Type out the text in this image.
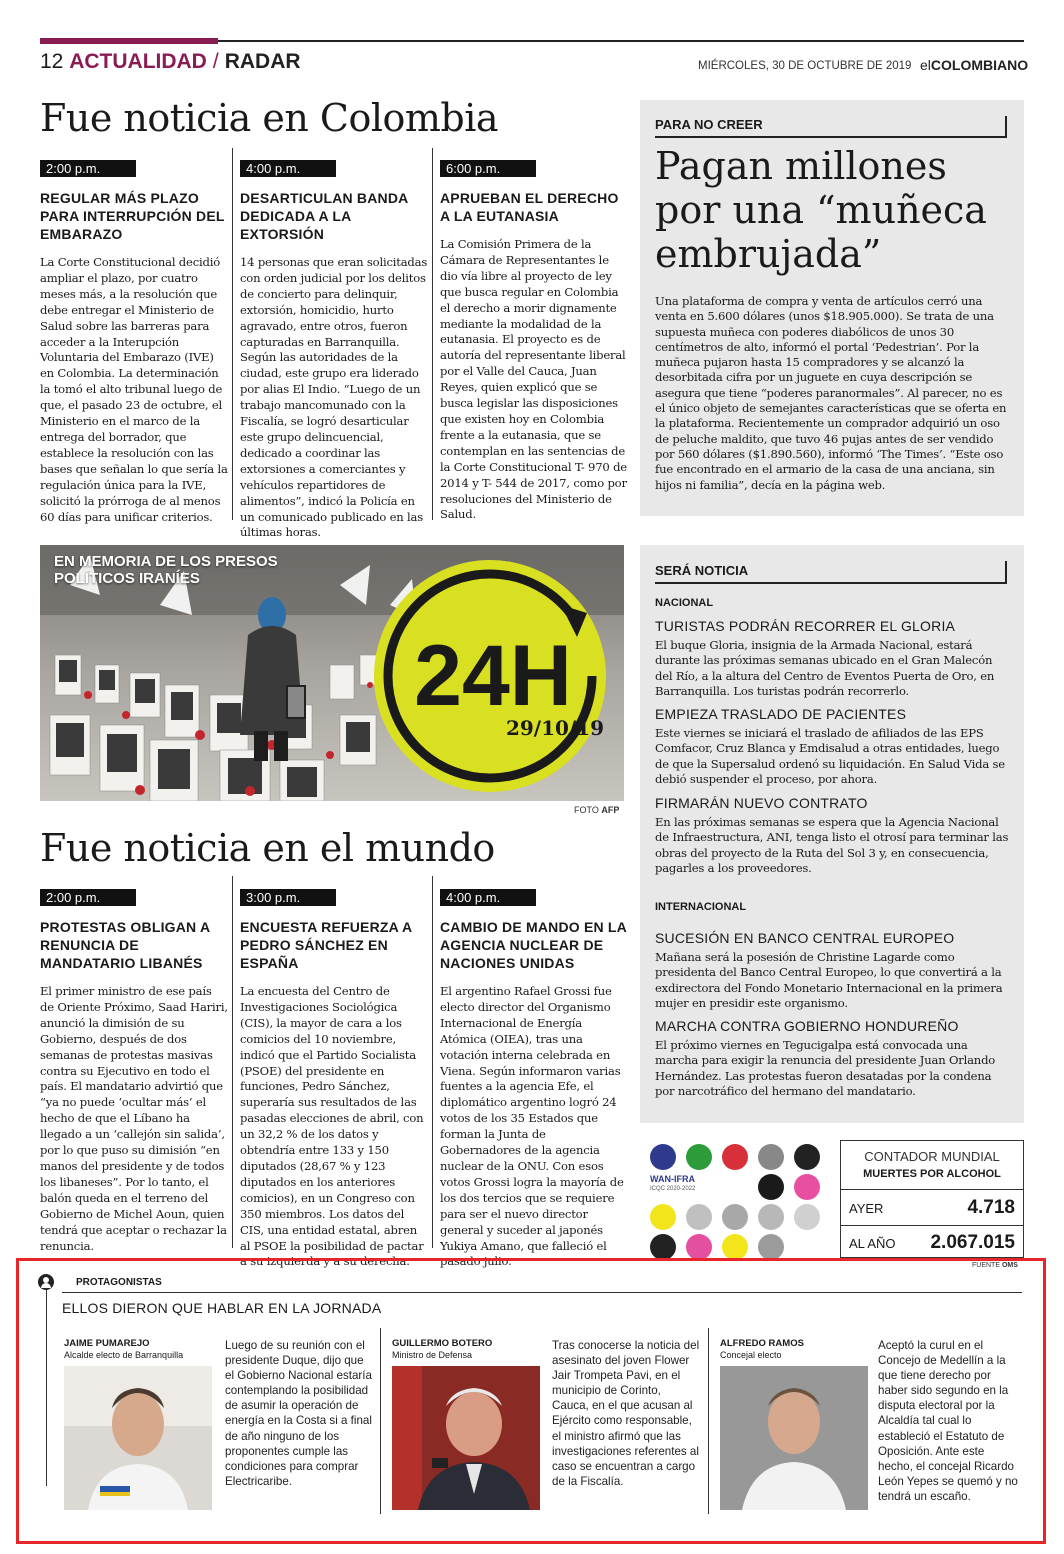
12 ACTUALIDAD / RADAR	MIÉRCOLES, 30 DE OCTUBRE DE 2019 elCOLOMBIANO
Fue noticia en Colombia
2:00 p.m.
REGULAR MÁS PLAZO PARA INTERRUPCIÓN DEL EMBARAZO
La Corte Constitucional decidió ampliar el plazo, por cuatro meses más, a la resolución que debe entregar el Ministerio de Salud sobre las barreras para acceder a la Interupción Voluntaria del Embarazo (IVE) en Colombia. La determinación la tomó el alto tribunal luego de que, el pasado 23 de octubre, el Ministerio en el marco de la entrega del borrador, que establece la resolución con las bases que señalan lo que sería la regulación única para la IVE, solicitó la prórroga de al menos 60 días para unificar criterios.
4:00 p.m.
DESARTICULAN BANDA DEDICADA A LA EXTORSIÓN
14 personas que eran solicitadas con orden judicial por los delitos de concierto para delinquir, extorsión, homicidio, hurto agravado, entre otros, fueron capturadas en Barranquilla. Según las autoridades de la ciudad, este grupo era liderado por alias El Indio. “Luego de un trabajo mancomunado con la Fiscalía, se logró desarticular este grupo delincuencial, dedicado a coordinar las extorsiones a comerciantes y vehículos repartidores de alimentos”, indicó la Policía en un comunicado publicado en las últimas horas.
6:00 p.m.
APRUEBAN EL DERECHO A LA EUTANASIA
La Comisión Primera de la Cámara de Representantes le dio vía libre al proyecto de ley que busca regular en Colombia el derecho a morir dignamente mediante la modalidad de la eutanasia. El proyecto es de autoría del representante liberal por el Valle del Cauca, Juan Reyes, quien explicó que se busca legislar las disposiciones que existen hoy en Colombia frente a la eutanasia, que se contemplan en las sentencias de la Corte Constitucional T- 970 de 2014 y T- 544 de 2017, como por resoluciones del Ministerio de Salud.
PARA NO CREER
Pagan millones por una “muñeca embrujada”
Una plataforma de compra y venta de artículos cerró una venta en 5.600 dólares (unos $18.905.000). Se trata de una supuesta muñeca con poderes diabólicos de unos 30 centímetros de alto, informó el portal ‘Pedestrian’. Por la muñeca pujaron hasta 15 compradores y se alcanzó la desorbitada cifra por un juguete en cuya descripción se asegura que tiene “poderes paranormales”. Al parecer, no es el único objeto de semejantes características que se oferta en la plataforma. Recientemente un comprador adquirió un oso de peluche maldito, que tuvo 46 pujas antes de ser vendido por 560 dólares ($1.890.560), informó ‘The Times’. “Este oso fue encontrado en el armario de la casa de una anciana, sin hijos ni familia”, decía en la página web.
EN MEMORIA DE LOS PRESOS POLÍTICOS IRANÍES
24H
29/10/19
FOTO AFP
SERÁ NOTICIA
NACIONAL
TURISTAS PODRÁN RECORRER EL GLORIA
El buque Gloria, insignia de la Armada Nacional, estará durante las próximas semanas ubicado en el Gran Malecón del Río, a la altura del Centro de Eventos Puerta de Oro, en Barranquilla. Los turistas podrán recorrerlo.
EMPIEZA TRASLADO DE PACIENTES
Este viernes se iniciará el traslado de afiliados de las EPS Comfacor, Cruz Blanca y Emdisalud a otras entidades, luego de que la Supersalud ordenó su liquidación. En Salud Vida se debió suspender el proceso, por ahora.
FIRMARÁN NUEVO CONTRATO
En las próximas semanas se espera que la Agencia Nacional de Infraestructura, ANI, tenga listo el otrosí para terminar las obras del proyecto de la Ruta del Sol 3 y, en consecuencia, pagarles a los proveedores.
INTERNACIONAL
SUCESIÓN EN BANCO CENTRAL EUROPEO
Mañana será la posesión de Christine Lagarde como presidenta del Banco Central Europeo, lo que convertirá a la exdirectora del Fondo Monetario Internacional en la primera mujer en presidir este organismo.
MARCHA CONTRA GOBIERNO HONDUREÑO
El próximo viernes en Tegucigalpa está convocada una marcha para exigir la renuncia del presidente Juan Orlando Hernández. Las protestas fueron desatadas por la condena por narcotráfico del hermano del mandatario.
Fue noticia en el mundo
2:00 p.m.
PROTESTAS OBLIGAN A RENUNCIA DE MANDATARIO LIBANÉS
El primer ministro de ese país de Oriente Próximo, Saad Hariri, anunció la dimisión de su Gobierno, después de dos semanas de protestas masivas contra su Ejecutivo en todo el país. El mandatario advirtió que “ya no puede ‘ocultar más’ el hecho de que el Líbano ha llegado a un ‘callejón sin salida’, por lo que puso su dimisión “en manos del presidente y de todos los libaneses”. Por lo tanto, el balón queda en el terreno del Gobierno de Michel Aoun, quien tendrá que aceptar o rechazar la renuncia.
3:00 p.m.
ENCUESTA REFUERZA A PEDRO SÁNCHEZ EN ESPAÑA
La encuesta del Centro de Investigaciones Sociológica (CIS), la mayor de cara a los comicios del 10 noviembre, indicó que el Partido Socialista (PSOE) del presidente en funciones, Pedro Sánchez, superaría sus resultados de las pasadas elecciones de abril, con un 32,2 % de los datos y obtendría entre 133 y 150 diputados (28,67 % y 123 diputados en los anteriores comicios), en un Congreso con 350 miembros. Los datos del CIS, una entidad estatal, abren al PSOE la posibilidad de pactar a su izquierda y a su derecha.
4:00 p.m.
CAMBIO DE MANDO EN LA AGENCIA NUCLEAR DE NACIONES UNIDAS
El argentino Rafael Grossi fue electo director del Organismo Internacional de Energía Atómica (OIEA), tras una votación interna celebrada en Viena. Según informaron varias fuentes a la agencia Efe, el diplomático argentino logró 24 votos de los 35 Estados que forman la Junta de Gobernadores de la agencia nuclear de la ONU. Con esos votos Grossi logra la mayoría de los dos tercios que se requiere para ser el nuevo director general y suceder al japonés Yukiya Amano, que falleció el pasado julio.
WAN-IFRA
ICQC 2020-2022
CONTADOR MUNDIAL
MUERTES POR ALCOHOL
AYER	4.718
AL AÑO 2.067.015
FUENTE OMS
PROTAGONISTAS
ELLOS DIERON QUE HABLAR EN LA JORNADA
JAIME PUMAREJO
Alcalde electo de Barranquilla
Luego de su reunión con el presidente Duque, dijo que el Gobierno Nacional estaría contemplando la posibilidad de asumir la operación de energía en la Costa si a final de año ninguno de los proponentes cumple las condiciones para comprar Electricaribe.
GUILLERMO BOTERO
Ministro de Defensa
Tras conocerse la noticia del asesinato del joven Flower Jair Trompeta Pavi, en el municipio de Corinto, Cauca, en el que acusan al Ejército como responsable, el ministro afirmó que las investigaciones referentes al caso se encuentran a cargo de la Fiscalía.
ALFREDO RAMOS
Concejal electo
Aceptó la curul en el Concejo de Medellín a la que tiene derecho por haber sido segundo en la disputa electoral por la Alcaldía tal cual lo estableció el Estatuto de Oposición. Ante este hecho, el concejal Ricardo León Yepes se quemó y no tendrá un escaño.
